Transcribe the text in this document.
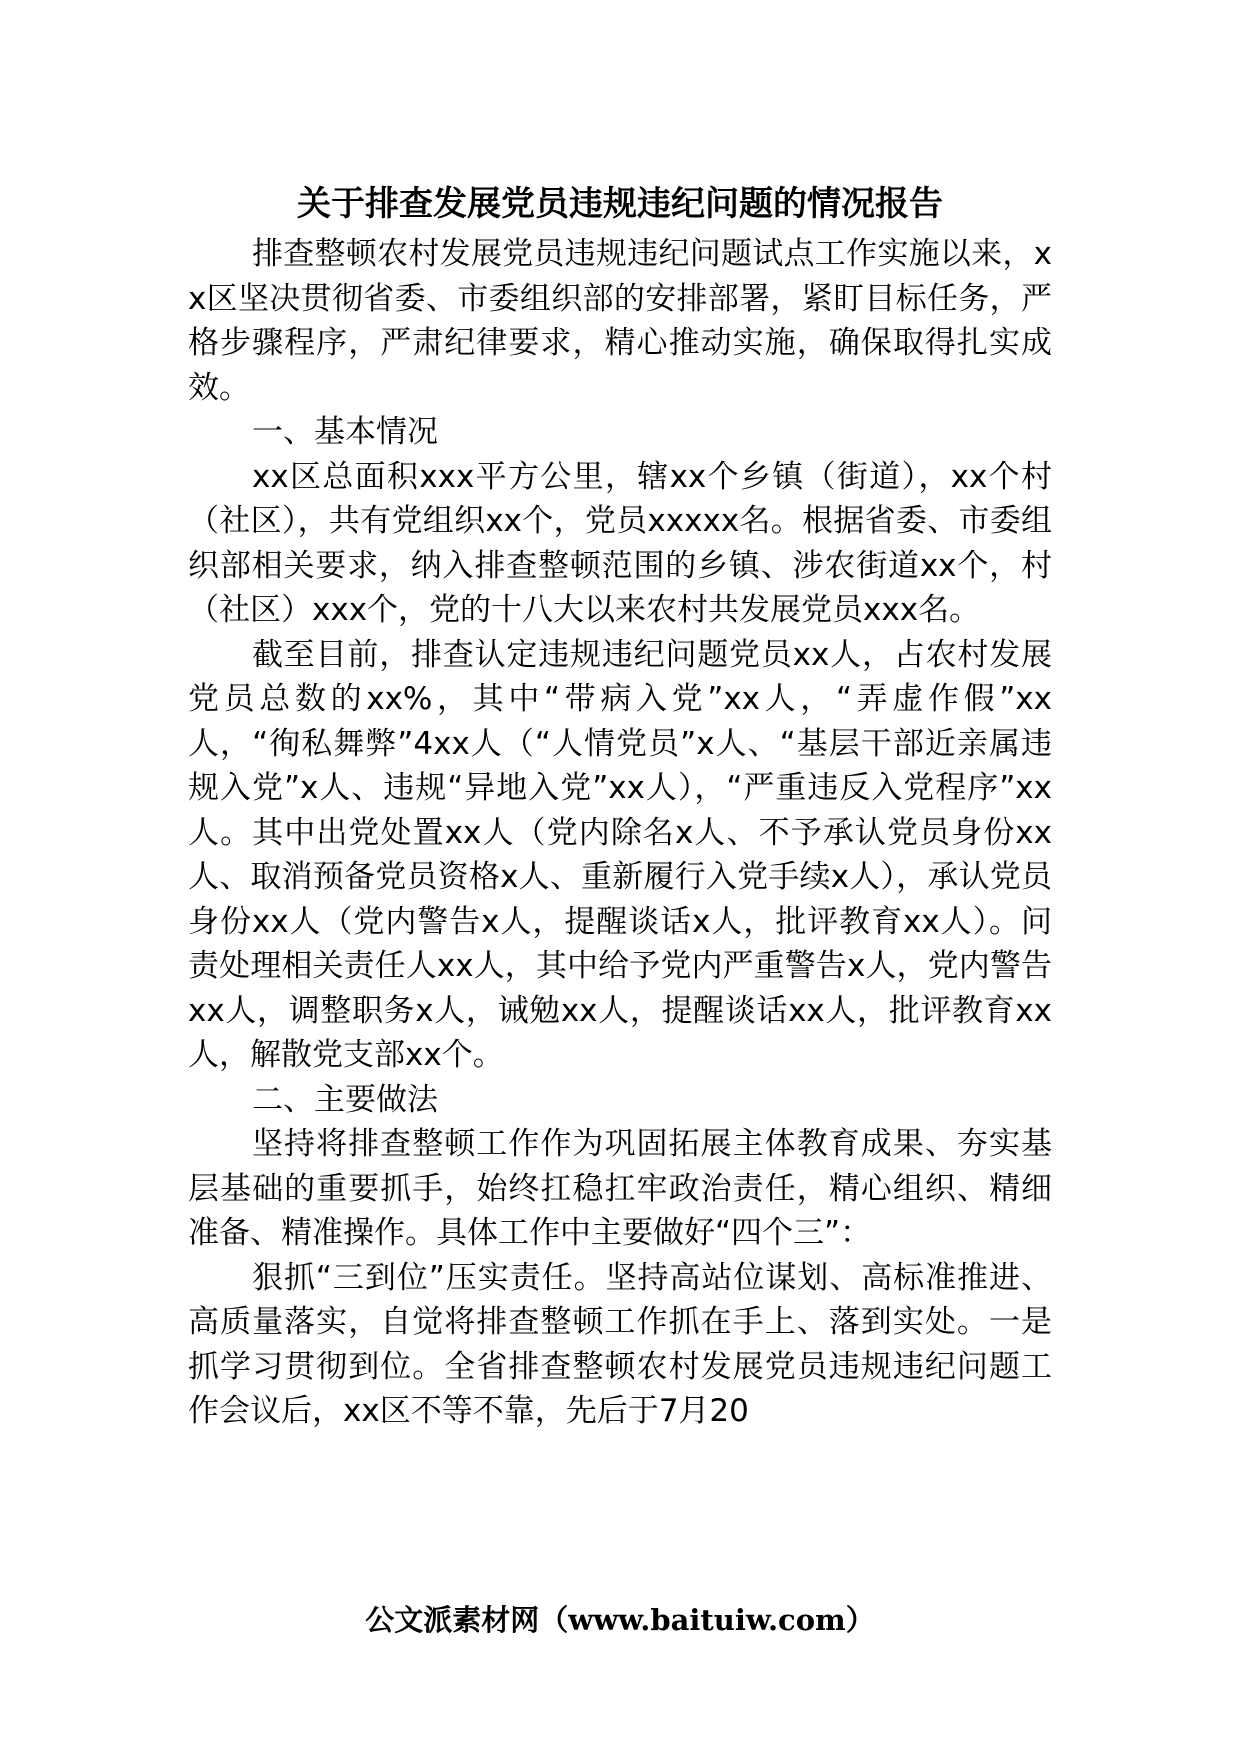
关于排查发展党员违规违纪问题的情况报告

排查整顿农村发展党员违规违纪问题试点工作实施以来，xx区坚决贯彻省委、市委组织部的安排部署，紧盯目标任务，严格步骤程序，严肃纪律要求，精心推动实施，确保取得扎实成效。

一、基本情况

xx区总面积xxx平方公里，辖xx个乡镇（街道），xx个村（社区），共有党组织xx个，党员xxxxx名。根据省委、市委组织部相关要求，纳入排查整顿范围的乡镇、涉农街道xx个，村（社区）xxx个，党的十八大以来农村共发展党员xxx名。

截至目前，排查认定违规违纪问题党员xx人，占农村发展党员总数的xx%，其中“带病入党”xx人，“弄虚作假”xx人，“徇私舞弊”4xx人（“人情党员”x人、“基层干部近亲属违规入党”x人、违规“异地入党”xx人），“严重违反入党程序”xx人。其中出党处置xx人（党内除名x人、不予承认党员身份xx人、取消预备党员资格x人、重新履行入党手续x人），承认党员身份xx人（党内警告x人，提醒谈话x人，批评教育xx人）。问责处理相关责任人xx人，其中给予党内严重警告x人，党内警告xx人，调整职务x人，诫勉xx人，提醒谈话xx人，批评教育xx人，解散党支部xx个。

二、主要做法

坚持将排查整顿工作作为巩固拓展主体教育成果、夯实基层基础的重要抓手，始终扛稳扛牢政治责任，精心组织、精细准备、精准操作。具体工作中主要做好“四个三”：

狠抓“三到位”压实责任。坚持高站位谋划、高标准推进、高质量落实，自觉将排查整顿工作抓在手上、落到实处。一是抓学习贯彻到位。全省排查整顿农村发展党员违规违纪问题工作会议后，xx区不等不靠，先后于7月20

公文派素材网（www.baituiw.com）
